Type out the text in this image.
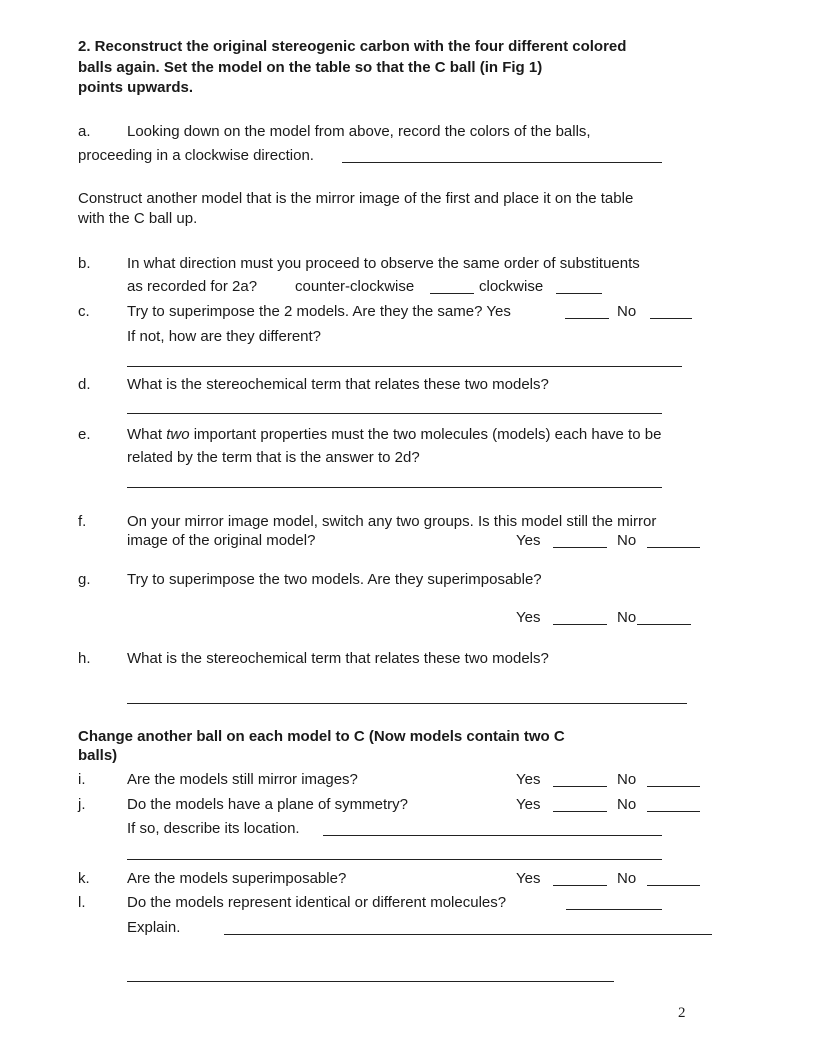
2. Reconstruct the original stereogenic carbon with the four different colored
balls again. Set the model on the table so that the C ball (in Fig 1)
points upwards.
a. Looking down on the model from above, record the colors of the balls,
proceeding in a clockwise direction.
Construct another model that is the mirror image of the first and place it on the table
with the C ball up.
b. In what direction must you proceed to observe the same order of substituents
as recorded for 2a?	counter-clockwise	clockwise
c. Try to superimpose the 2 models. Are they the same? Yes	No
If not, how are they different?
d. What is the stereochemical term that relates these two models?
e. What two important properties must the two molecules (models) each have to be
related by the term that is the answer to 2d?
f.	On your mirror image model, switch any two groups. Is this model still the mirror
image of the original model?	Yes	No
g. Try to superimpose the two models. Are they superimposable?
Yes	No
h. What is the stereochemical term that relates these two models?
Change another ball on each model to C (Now models contain two C
balls)
i.	Are the models still mirror images?	Yes	No
j.	Do the models have a plane of symmetry?	Yes	No
If so, describe its location.
k. Are the models superimposable?	Yes	No
l.	Do the models represent identical or different molecules?
Explain.
2
